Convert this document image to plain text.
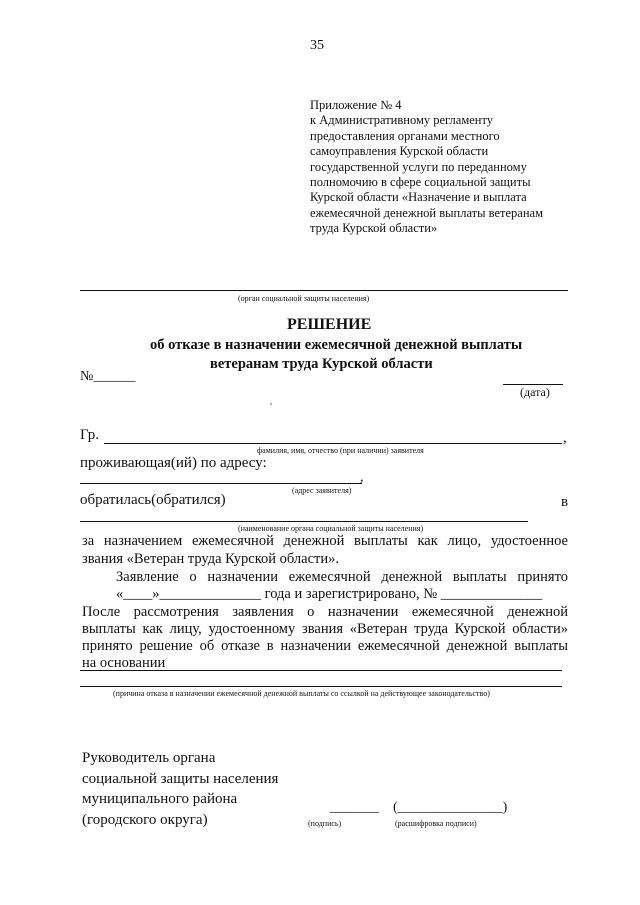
35
Приложение № 4
к Административному регламенту
предоставления органами местного
самоуправления Курской области
государственной услуги по переданному
полномочию в сфере социальной защиты
Курской области «Назначение и выплата
ежемесячной денежной выплаты ветеранам
труда Курской области»
(орган социальной защиты населения)
РЕШЕНИЕ
об отказе в назначении ежемесячной денежной выплаты
ветеранам труда Курской области
№______
(дата)
Гр.	,
фамилия, имя, отчество (при наличии) заявителя
проживающая(ий) по адресу:
,
(адрес заявителя)
обратилась(обратился)	в
(наименование органа социальной защиты населения)
за назначением ежемесячной денежной выплаты как лицо, удостоенное
звания «Ветеран труда Курской области».
Заявление о назначении ежемесячной денежной выплаты принято
«____»______________ года и зарегистрировано, № ______________
После рассмотрения заявления о назначении ежемесячной денежной
выплаты как лицу, удостоенному звания «Ветеран труда Курской области»
принято решение об отказе в назначении ежемесячной денежной выплаты
на основании
(причина отказа в назначении ежемесячной денежной выплаты со ссылкой на действующее законодательство)
Руководитель органа
социальной защиты населения
муниципального района
(городского округа)
_______
(подпись)
(_______________)
(расшифровка подписи)
